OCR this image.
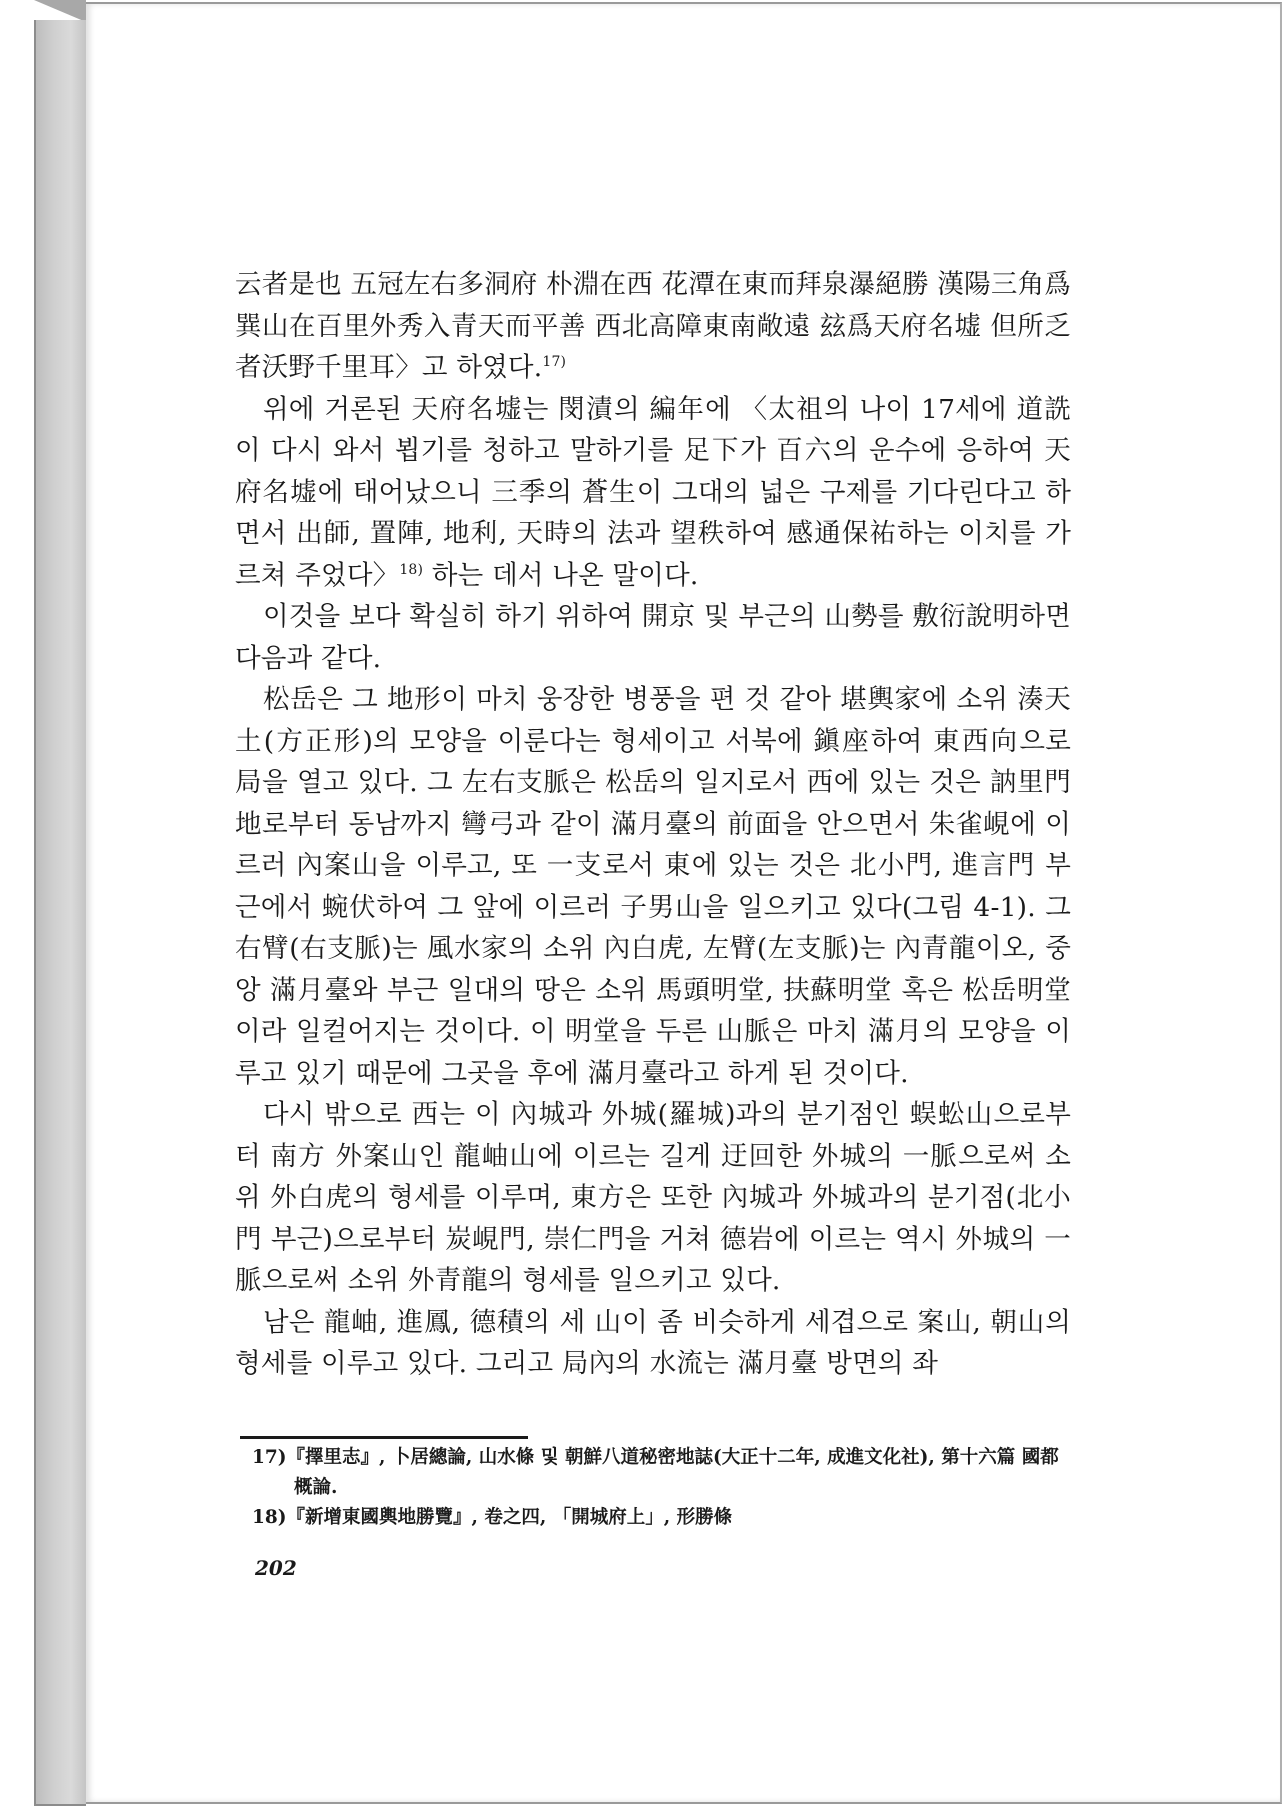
云者是也 五冠左右多洞府 朴淵在西 花潭在東而拜泉瀑絕勝 漢陽三角爲巽山在百里外秀入青天而平善 西北高障東南敞遠 玆爲天府名墟 但所乏者沃野千里耳〉고 하였다.$^{17)}$

위에 거론된 天府名墟는 閔漬의 編年에 〈太祖의 나이 17세에 道詵이 다시 와서 뵙기를 청하고 말하기를 足下가 百六의 운수에 응하여 天府名墟에 태어났으니 三季의 蒼生이 그대의 넓은 구제를 기다린다고 하면서 出師, 置陣, 地利, 天時의 法과 望秩하여 感通保祐하는 이치를 가르쳐 주었다〉$^{18)}$ 하는 데서 나온 말이다.

이것을 보다 확실히 하기 위하여 開京 및 부근의 山勢를 敷衍說明하면 다음과 같다.

松岳은 그 地形이 마치 웅장한 병풍을 편 것 같아 堪輿家에 소위 湊天土(方正形)의 모양을 이룬다는 형세이고 서북에 鎭座하여 東西向으로 局을 열고 있다. 그 左右支脈은 松岳의 일지로서 西에 있는 것은 訥里門地로부터 동남까지 彎弓과 같이 滿月臺의 前面을 안으면서 朱雀峴에 이르러 內案山을 이루고, 또 一支로서 東에 있는 것은 北小門, 進言門 부근에서 蜿伏하여 그 앞에 이르러 子男山을 일으키고 있다(그림 4-1). 그 右臂(右支脈)는 風水家의 소위 內白虎, 左臂(左支脈)는 內青龍이오, 중앙 滿月臺와 부근 일대의 땅은 소위 馬頭明堂, 扶蘇明堂 혹은 松岳明堂이라 일컬어지는 것이다. 이 明堂을 두른 山脈은 마치 滿月의 모양을 이루고 있기 때문에 그곳을 후에 滿月臺라고 하게 된 것이다.

다시 밖으로 西는 이 內城과 外城(羅城)과의 분기점인 蜈蚣山으로부터 南方 外案山인 龍岫山에 이르는 길게 迂回한 外城의 一脈으로써 소위 外白虎의 형세를 이루며, 東方은 또한 內城과 外城과의 분기점(北小門 부근)으로부터 炭峴門, 崇仁門을 거쳐 德岩에 이르는 역시 外城의 一脈으로써 소위 外青龍의 형세를 일으키고 있다.

남은 龍岫, 進鳳, 德積의 세 山이 좀 비슷하게 세겹으로 案山, 朝山의 형세를 이루고 있다. 그리고 局內의 水流는 滿月臺 방면의 좌

17)『擇里志』, 卜居總論, 山水條 및 朝鮮八道秘密地誌(大正十二年, 成進文化社), 第十六篇 國都概論.
18)『新增東國輿地勝覽』, 卷之四, 「開城府上」, 形勝條
202
